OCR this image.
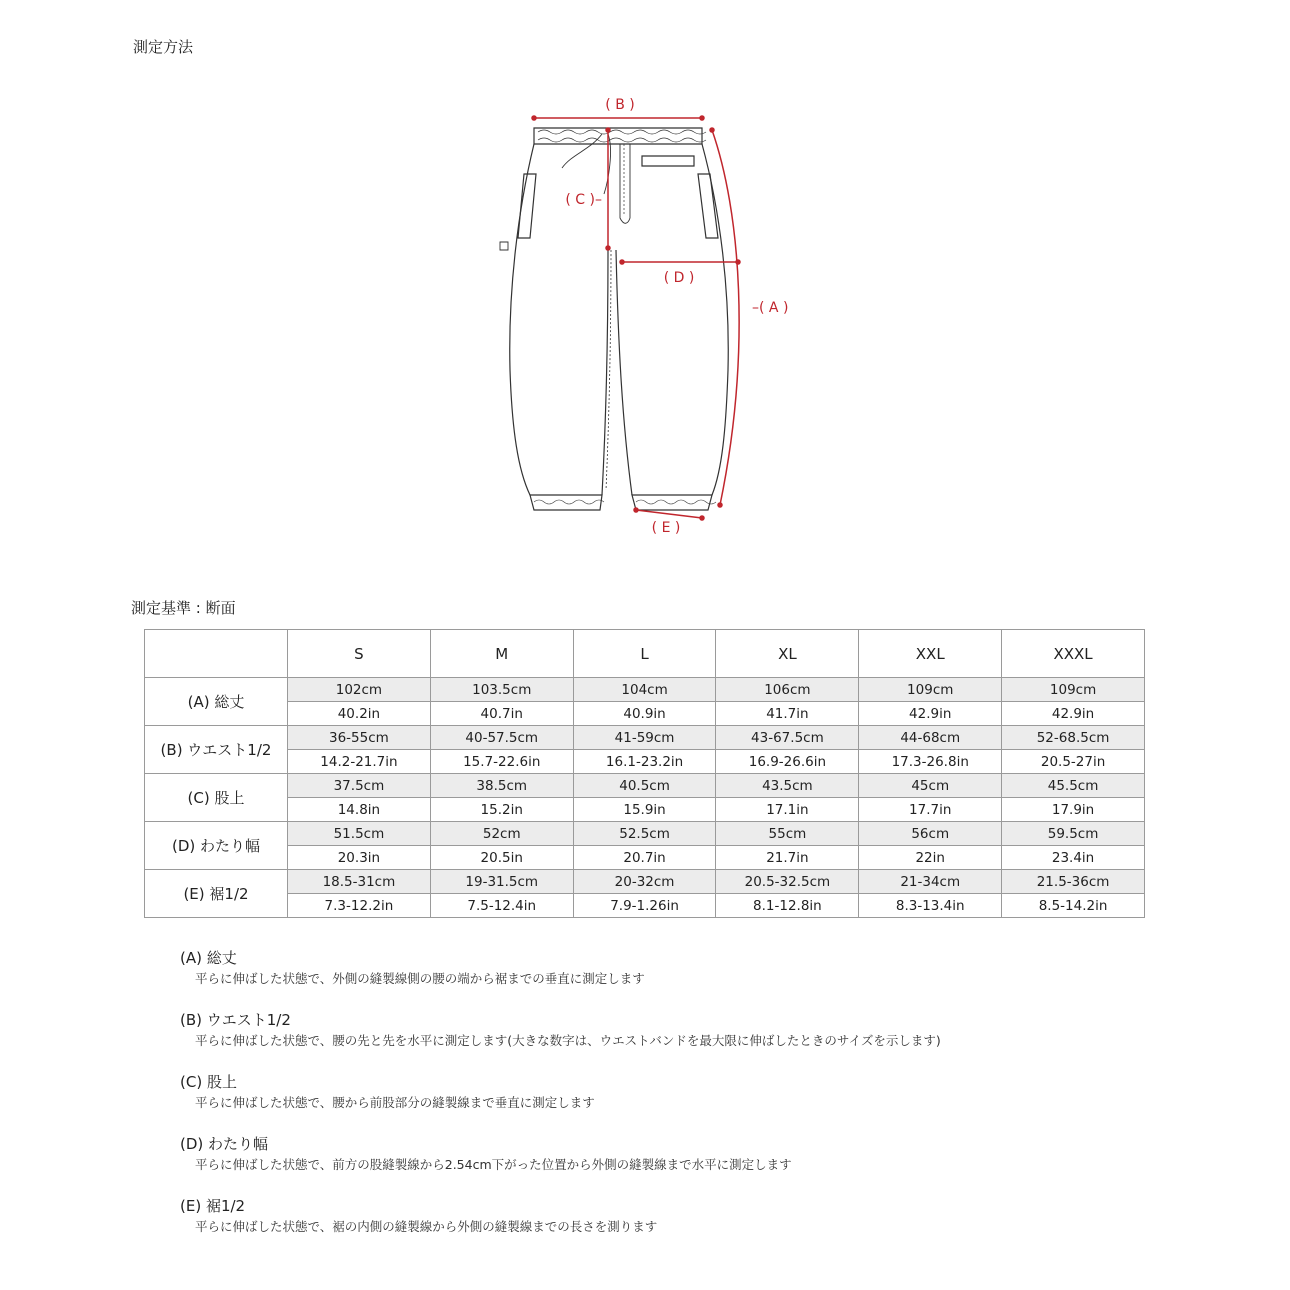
測定方法
( B )
( C )–
( D )
–( A )
( E )
測定基準 : 断面
	S	M	L	XL	XXL	XXXL
(A) 総丈	102cm	103.5cm	104cm	106cm	109cm	109cm
	40.2in	40.7in	40.9in	41.7in	42.9in	42.9in
(B) ウエスト1/2	36-55cm	40-57.5cm	41-59cm	43-67.5cm	44-68cm	52-68.5cm
	14.2-21.7in	15.7-22.6in	16.1-23.2in	16.9-26.6in	17.3-26.8in	20.5-27in
(C) 股上	37.5cm	38.5cm	40.5cm	43.5cm	45cm	45.5cm
	14.8in	15.2in	15.9in	17.1in	17.7in	17.9in
(D) わたり幅	51.5cm	52cm	52.5cm	55cm	56cm	59.5cm
	20.3in	20.5in	20.7in	21.7in	22in	23.4in
(E) 裾1/2	18.5-31cm	19-31.5cm	20-32cm	20.5-32.5cm	21-34cm	21.5-36cm
	7.3-12.2in	7.5-12.4in	7.9-1.26in	8.1-12.8in	8.3-13.4in	8.5-14.2in
(A) 総丈
平らに伸ばした状態で、外側の縫製線側の腰の端から裾までの垂直に測定します
(B) ウエスト1/2
平らに伸ばした状態で、腰の先と先を水平に測定します(大きな数字は、ウエストバンドを最大限に伸ばしたときのサイズを示します)
(C) 股上
平らに伸ばした状態で、腰から前股部分の縫製線まで垂直に測定します
(D) わたり幅
平らに伸ばした状態で、前方の股縫製線から2.54cm下がった位置から外側の縫製線まで水平に測定します
(E) 裾1/2
平らに伸ばした状態で、裾の内側の縫製線から外側の縫製線までの長さを測ります
